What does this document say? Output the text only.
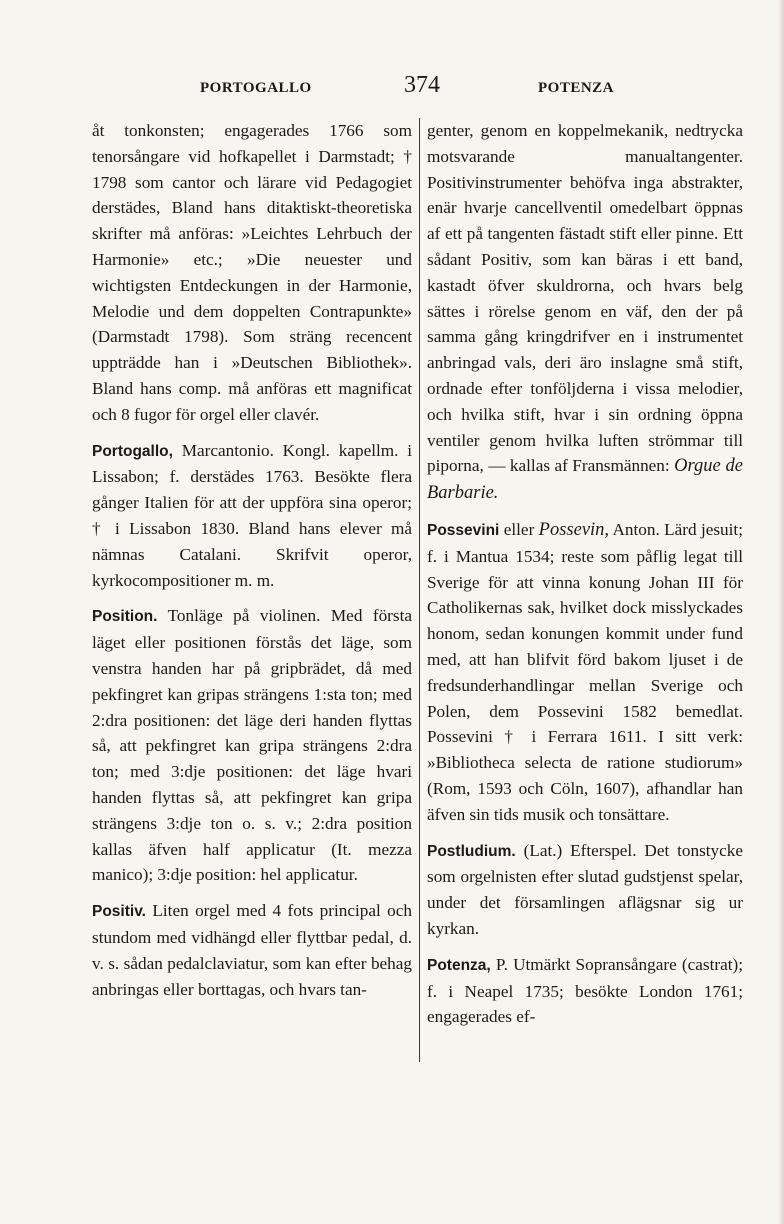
PORTOGALLO	374	POTENZA

åt tonkonsten; engagerades 1766 som tenorsångare vid hofkapellet i Darmstadt; † 1798 som cantor och lärare vid Pedagogiet derstädes, Bland hans ditaktiskt-theoretiska skrifter må anföras: »Leichtes Lehrbuch der Harmonie» etc.; »Die neuester und wichtigsten Entdeckungen in der Harmonie, Melodie und dem doppelten Contrapunkte» (Darmstadt 1798). Som sträng recencent uppträdde han i »Deutschen Bibliothek». Bland hans comp. må anföras ett magnificat och 8 fugor för orgel eller clavér.

Portogallo, Marcantonio. Kongl. kapellm. i Lissabon; f. derstädes 1763. Besökte flera gånger Italien för att der uppföra sina operor; † i Lissabon 1830. Bland hans elever må nämnas Catalani. Skrifvit operor, kyrkocompositioner m. m.

Position. Tonläge på violinen. Med första läget eller positionen förstås det läge, som venstra handen har på gripbrädet, då med pekfingret kan gripas strängens 1:sta ton; med 2:dra positionen: det läge deri handen flyttas så, att pekfingret kan gripa strängens 2:dra ton; med 3:dje positionen: det läge hvari handen flyttas så, att pekfingret kan gripa strängens 3:dje ton o. s. v.; 2:dra position kallas äfven half applicatur (It. mezza manico); 3:dje position: hel applicatur.

Positiv. Liten orgel med 4 fots principal och stundom med vidhängd eller flyttbar pedal, d. v. s. sådan pedalclaviatur, som kan efter behag anbringas eller borttagas, och hvars tan-

genter, genom en koppelmekanik, nedtrycka motsvarande manualtangenter. Positivinstrumenter behöfva inga abstrakter, enär hvarje cancellventil omedelbart öppnas af ett på tangenten fästadt stift eller pinne. Ett sådant Positiv, som kan bäras i ett band, kastadt öfver skuldrorna, och hvars belg sättes i rörelse genom en väf, den der på samma gång kringdrifver en i instrumentet anbringad vals, deri äro inslagne små stift, ordnade efter tonföljderna i vissa melodier, och hvilka stift, hvar i sin ordning öppna ventiler genom hvilka luften strömmar till piporna, — kallas af Fransmännen: Orgue de Barbarie.

Possevini eller Possevin, Anton. Lärd jesuit; f. i Mantua 1534; reste som påflig legat till Sverige för att vinna konung Johan III för Catholikernas sak, hvilket dock misslyckades honom, sedan konungen kommit under fund med, att han blifvit förd bakom ljuset i de fredsunderhandlingar mellan Sverige och Polen, dem Possevini 1582 bemedlat. Possevini † i Ferrara 1611. I sitt verk: »Bibliotheca selecta de ratione studiorum» (Rom, 1593 och Cöln, 1607), afhandlar han äfven sin tids musik och tonsättare.

Postludium. (Lat.) Efterspel. Det tonstycke som orgelnisten efter slutad gudstjenst spelar, under det församlingen aflägsnar sig ur kyrkan.

Potenza, P. Utmärkt Sopransångare (castrat); f. i Neapel 1735; besökte London 1761; engagerades ef-
